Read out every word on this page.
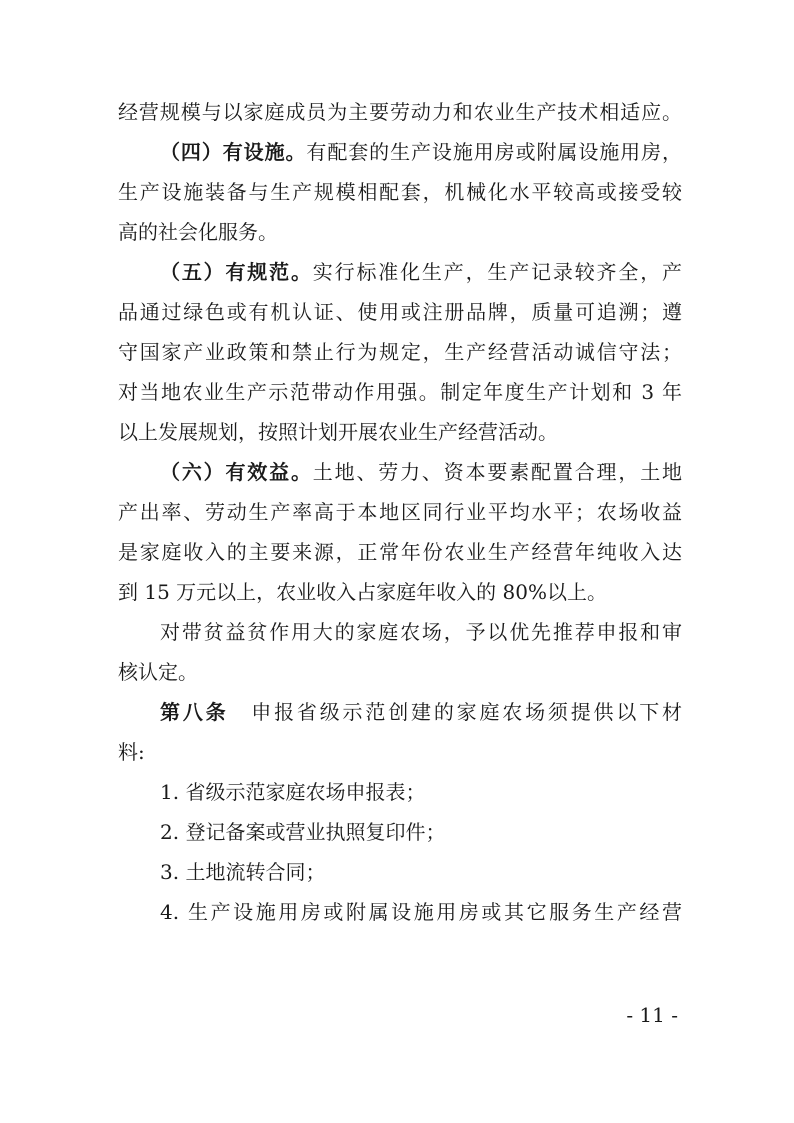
经营规模与以家庭成员为主要劳动力和农业生产技术相适应。
（四）有设施。有配套的生产设施用房或附属设施用房，
生产设施装备与生产规模相配套，机械化水平较高或接受较
高的社会化服务。
（五）有规范。实行标准化生产，生产记录较齐全，产
品通过绿色或有机认证、使用或注册品牌，质量可追溯；遵
守国家产业政策和禁止行为规定，生产经营活动诚信守法；
对当地农业生产示范带动作用强。制定年度生产计划和 3 年
以上发展规划，按照计划开展农业生产经营活动。
（六）有效益。土地、劳力、资本要素配置合理，土地
产出率、劳动生产率高于本地区同行业平均水平；农场收益
是家庭收入的主要来源，正常年份农业生产经营年纯收入达
到 15 万元以上，农业收入占家庭年收入的 80%以上。
对带贫益贫作用大的家庭农场，予以优先推荐申报和审
核认定。
第八条  申报省级示范创建的家庭农场须提供以下材
料:
1. 省级示范家庭农场申报表；
2. 登记备案或营业执照复印件；
3. 土地流转合同；
4. 生产设施用房或附属设施用房或其它服务生产经营
- 11 -
